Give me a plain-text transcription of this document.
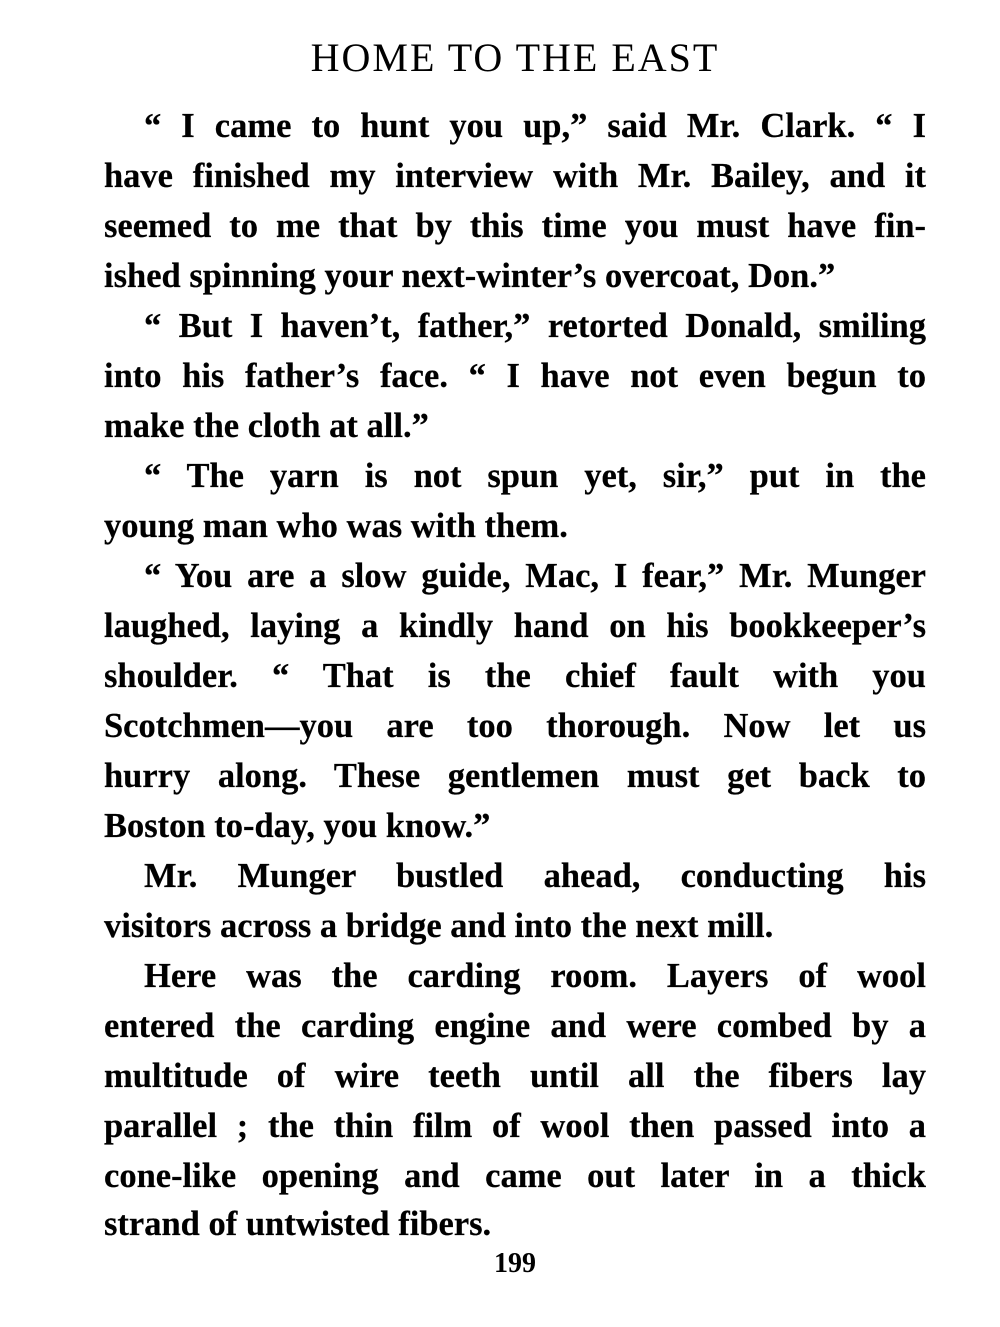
HOME TO THE EAST
“ I came to hunt you up,” said Mr. Clark. “ I
have finished my interview with Mr. Bailey, and it
seemed to me that by this time you must have fin-
ished spinning your next-winter’s overcoat, Don.”
“ But I haven’t, father,” retorted Donald, smiling
into his father’s face. “ I have not even begun to
make the cloth at all.”
“ The yarn is not spun yet, sir,” put in the
young man who was with them.
“ You are a slow guide, Mac, I fear,” Mr. Munger
laughed, laying a kindly hand on his bookkeeper’s
shoulder. “ That is the chief fault with you
Scotchmen—you are too thorough. Now let us
hurry along. These gentlemen must get back to
Boston to-day, you know.”
Mr. Munger bustled ahead, conducting his
visitors across a bridge and into the next mill.
Here was the carding room. Layers of wool
entered the carding engine and were combed by a
multitude of wire teeth until all the fibers lay
parallel ; the thin film of wool then passed into a
cone-like opening and came out later in a thick
strand of untwisted fibers.
199
